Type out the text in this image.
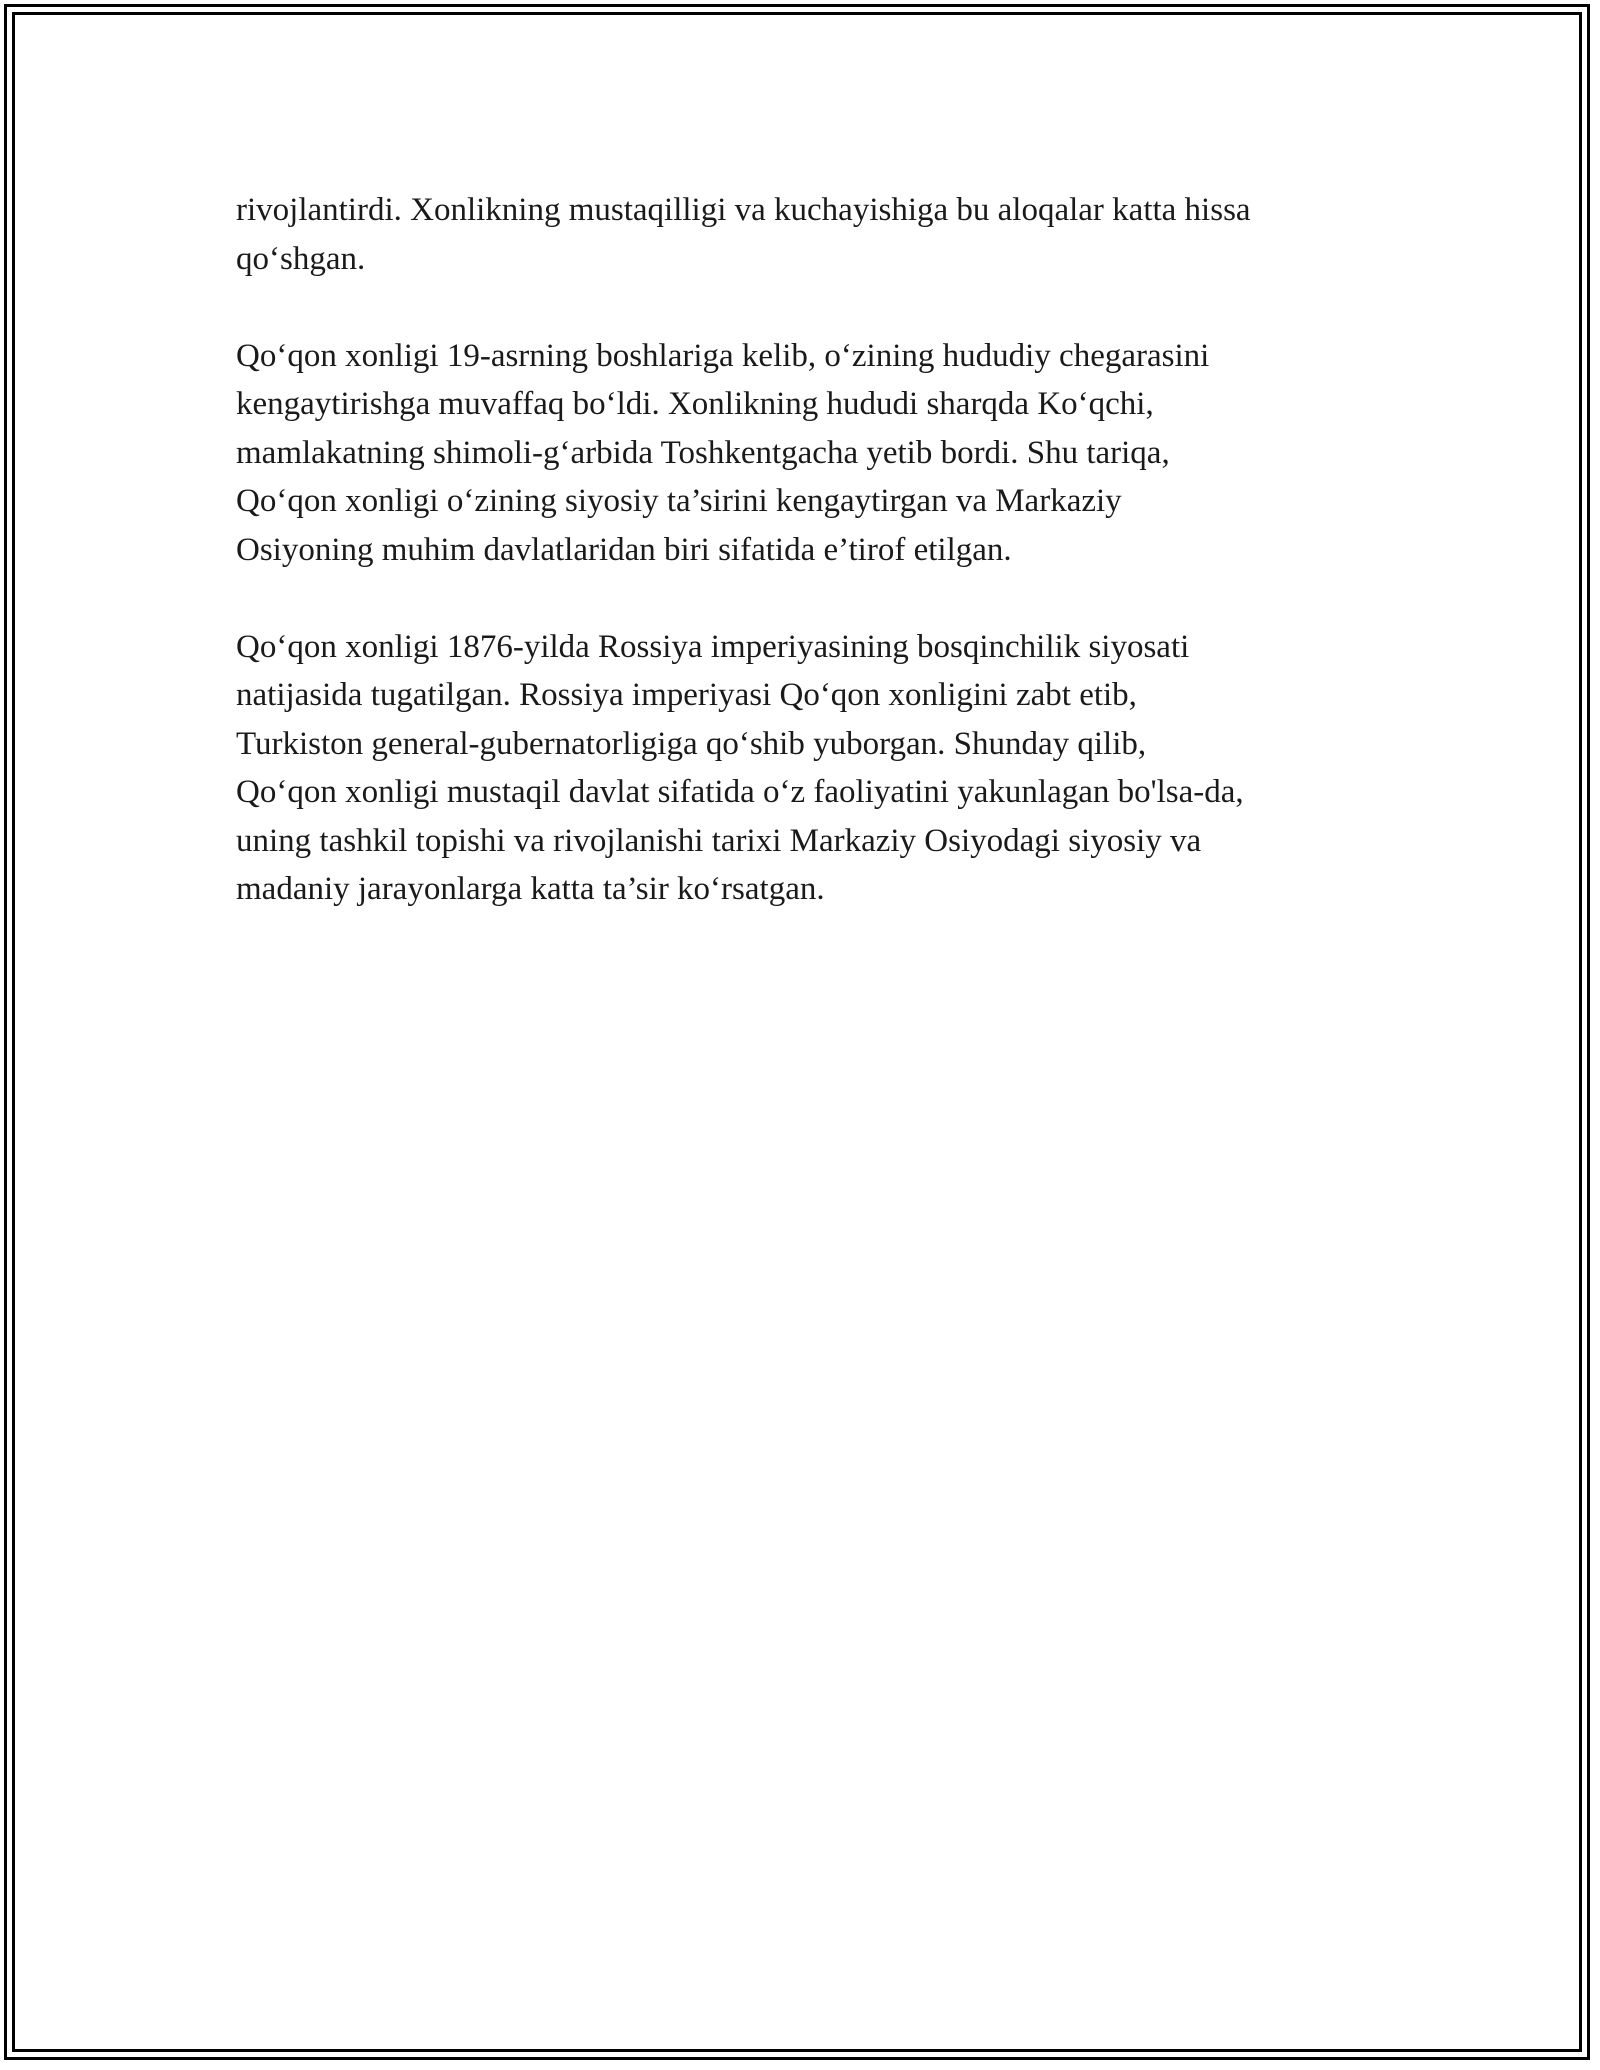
rivojlantirdi. Xonlikning mustaqilligi va kuchayishiga bu aloqalar katta hissa
qo‘shgan.

Qo‘qon xonligi 19-asrning boshlariga kelib, o‘zining hududiy chegarasini
kengaytirishga muvaffaq bo‘ldi. Xonlikning hududi sharqda Ko‘qchi,
mamlakatning shimoli-g‘arbida Toshkentgacha yetib bordi. Shu tariqa,
Qo‘qon xonligi o‘zining siyosiy ta’sirini kengaytirgan va Markaziy
Osiyoning muhim davlatlaridan biri sifatida e’tirof etilgan.

Qo‘qon xonligi 1876-yilda Rossiya imperiyasining bosqinchilik siyosati
natijasida tugatilgan. Rossiya imperiyasi Qo‘qon xonligini zabt etib,
Turkiston general-gubernatorligiga qo‘shib yuborgan. Shunday qilib,
Qo‘qon xonligi mustaqil davlat sifatida o‘z faoliyatini yakunlagan bo'lsa-da,
uning tashkil topishi va rivojlanishi tarixi Markaziy Osiyodagi siyosiy va
madaniy jarayonlarga katta ta’sir ko‘rsatgan.
